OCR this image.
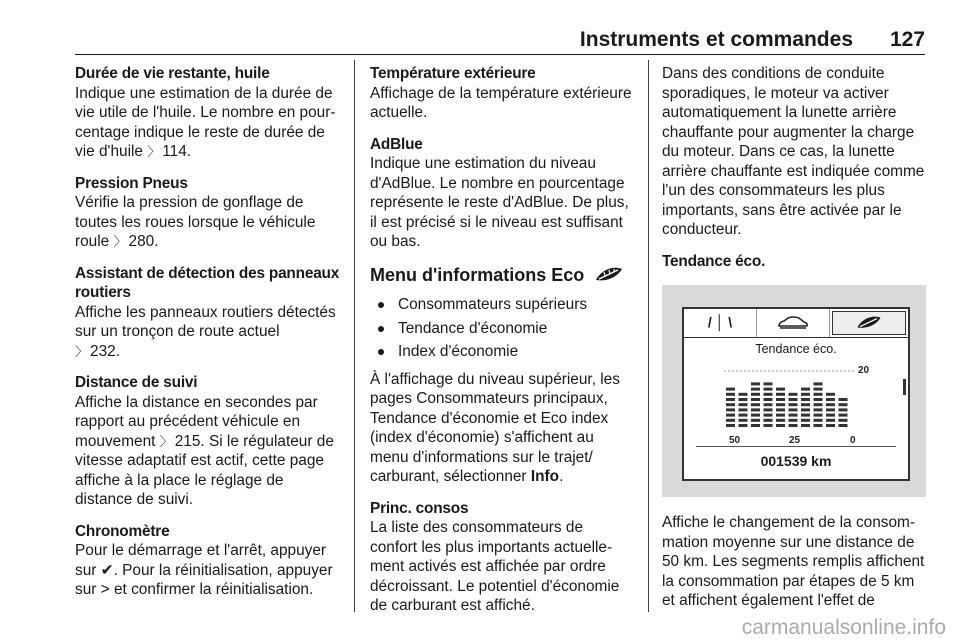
Instruments et commandes 127
Durée de vie restante, huile

Indique une estimation de la durée de vie utile de l'huile. Le nombre en pourcentage indique le reste de durée de vie d'huile 〉 114.

Pression Pneus

Vérifie la pression de gonflage de toutes les roues lorsque le véhicule roule 〉 280.

Assistant de détection des panneaux routiers

Affiche les panneaux routiers détectés sur un tronçon de route actuel
〉 232.

Distance de suivi

Affiche la distance en secondes par rapport au précédent véhicule en mouvement 〉 215. Si le régulateur de vitesse adaptatif est actif, cette page affiche à la place le réglage de distance de suivi.

Chronomètre

Pour le démarrage et l'arrêt, appuyer sur ✔. Pour la réinitialisation, appuyer sur > et confirmer la réinitialisation.

Température extérieure

Affichage de la température extérieure actuelle.

AdBlue

Indique une estimation du niveau d'AdBlue. Le nombre en pourcentage représente le reste d'AdBlue. De plus, il est précisé si le niveau est suffisant ou bas.

Menu d'informations Eco
Consommateurs supérieurs
Tendance d'économie
Index d'économie

À l'affichage du niveau supérieur, les pages Consommateurs principaux, Tendance d'économie et Eco index (index d'économie) s'affichent au menu d'informations sur le trajet/ carburant, sélectionner Info.

Princ. consos

La liste des consommateurs de confort les plus importants actuellement activés est affichée par ordre décroissant. Le potentiel d'économie de carburant est affiché.

Dans des conditions de conduite sporadiques, le moteur va activer automatiquement la lunette arrière chauffante pour augmenter la charge du moteur. Dans ce cas, la lunette arrière chauffante est indiquée comme l'un des consommateurs les plus importants, sans être activée par le conducteur.

Tendance éco.
/ │ \
Tendance éco.
20
50	25	0
001539 km

Affiche le changement de la consommation moyenne sur une distance de 50 km. Les segments remplis affichent la consommation par étapes de 5 km et affichent également l'effet de

carmanualsonline.info
